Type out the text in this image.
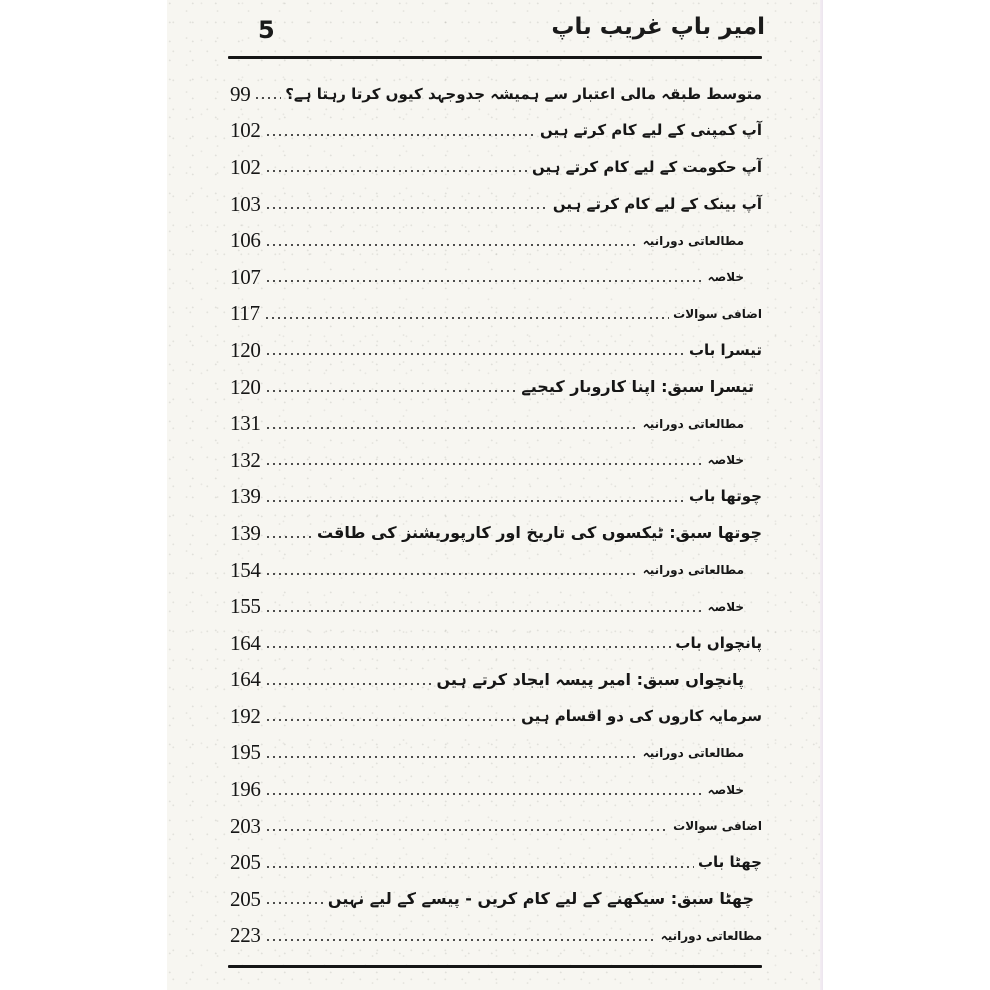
5	امیر باپ غریب باپ
99 متوسط طبقہ مالی اعتبار سے ہمیشہ جدوجہد کیوں کرتا رہتا ہے؟
102	آپ کمپنی کے لیے کام کرتے ہیں
102	آپ حکومت کے لیے کام کرتے ہیں
103	آپ بینک کے لیے کام کرتے ہیں
106	مطالعاتی دورانیہ
107	خلاصہ
117	اضافی سوالات
120	تیسرا باب
120	تیسرا سبق: اپنا کاروبار کیجیے
131	مطالعاتی دورانیہ
132	خلاصہ
139	چوتھا باب
139	چوتھا سبق: ٹیکسوں کی تاریخ اور کارپوریشنز کی طاقت
154	مطالعاتی دورانیہ
155	خلاصہ
164	پانچواں باب
164	پانچواں سبق: امیر پیسہ ایجاد کرتے ہیں
192	سرمایہ کاروں کی دو اقسام ہیں
195	مطالعاتی دورانیہ
196	خلاصہ
203	اضافی سوالات
205	چھٹا باب
205	چھٹا سبق: سیکھنے کے لیے کام کریں - پیسے کے لیے نہیں
223	مطالعاتی دورانیہ
